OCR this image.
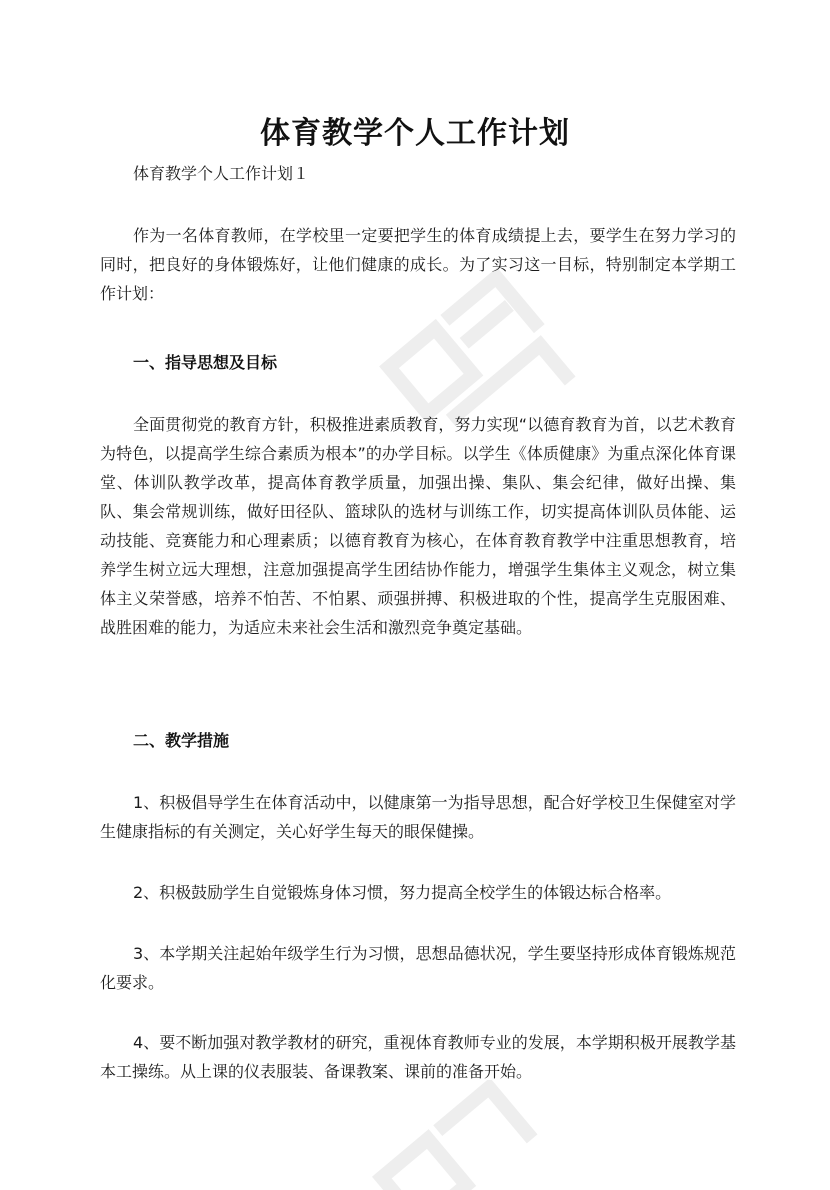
体育教学个人工作计划

体育教学个人工作计划１

作为一名体育教师，在学校里一定要把学生的体育成绩提上去，要学生在努力学习的同时，把良好的身体锻炼好，让他们健康的成长。为了实习这一目标，特别制定本学期工作计划：

一、指导思想及目标

全面贯彻党的教育方针，积极推进素质教育，努力实现“以德育教育为首，以艺术教育为特色，以提高学生综合素质为根本”的办学目标。以学生《体质健康》为重点深化体育课堂、体训队教学改革，提高体育教学质量，加强出操、集队、集会纪律，做好出操、集队、集会常规训练，做好田径队、篮球队的选材与训练工作，切实提高体训队员体能、运动技能、竞赛能力和心理素质；以德育教育为核心，在体育教育教学中注重思想教育，培养学生树立远大理想，注意加强提高学生团结协作能力，增强学生集体主义观念，树立集体主义荣誉感，培养不怕苦、不怕累、顽强拼搏、积极进取的个性，提高学生克服困难、战胜困难的能力，为适应未来社会生活和激烈竞争奠定基础。

二、教学措施

1、积极倡导学生在体育活动中，以健康第一为指导思想，配合好学校卫生保健室对学生健康指标的有关测定，关心好学生每天的眼保健操。

2、积极鼓励学生自觉锻炼身体习惯，努力提高全校学生的体锻达标合格率。

3、本学期关注起始年级学生行为习惯，思想品德状况，学生要坚持形成体育锻炼规范化要求。

4、要不断加强对教学教材的研究，重视体育教师专业的发展，本学期积极开展教学基本工操练。从上课的仪表服装、备课教案、课前的准备开始。
